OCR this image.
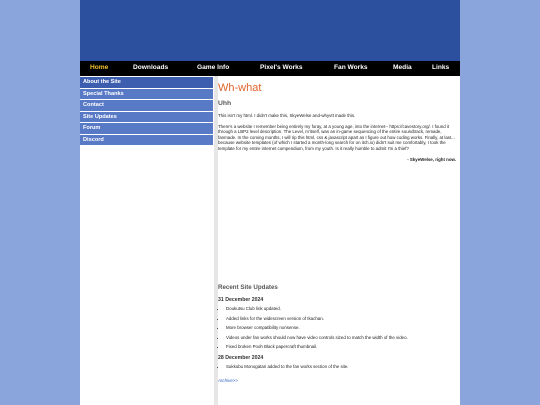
Home	Downloads	Game Info	Pixel's Works	Fan Works	Media	Links
About the Site
Special Thanks
Contact
Site Updates
Forum
Discord
Wh-what
Uhh

This isn't my html. I didn't make this, SkyeWelse and-whyvtt made this.

There's a website I remember being entirely my foray, at a young age, into the internet-- https://cavestory.org/. I found it through a LBP2 level description. The Level, m'itself, was an in-game sequencing of the entire soundtrack, remade, fanmade. In the coming months, I will rip this html, css & javascript apart as I figure out how coding works. Finally, at last... because website templates (of which I started a month-long search for on itch.io) didn't suit me comfortably, I took the template for my entire internet compendium, from my youth. Is it really humble to admit I'm a thief?

- SkyeWelse, right now.

Recent Site Updates
31 December 2024
• Doukutsu Club link updated.
• Added links for the widescreen version of Ikachan.
• More browser compatibility nonsense.
• Videos under fan works should now have video controls sized to match the width of the video.
• Fixed broken Pooh Black papercraft thumbnail.
28 December 2024
• Sukkubu Monogatari added to the fan works section of the site.
Archive>>
